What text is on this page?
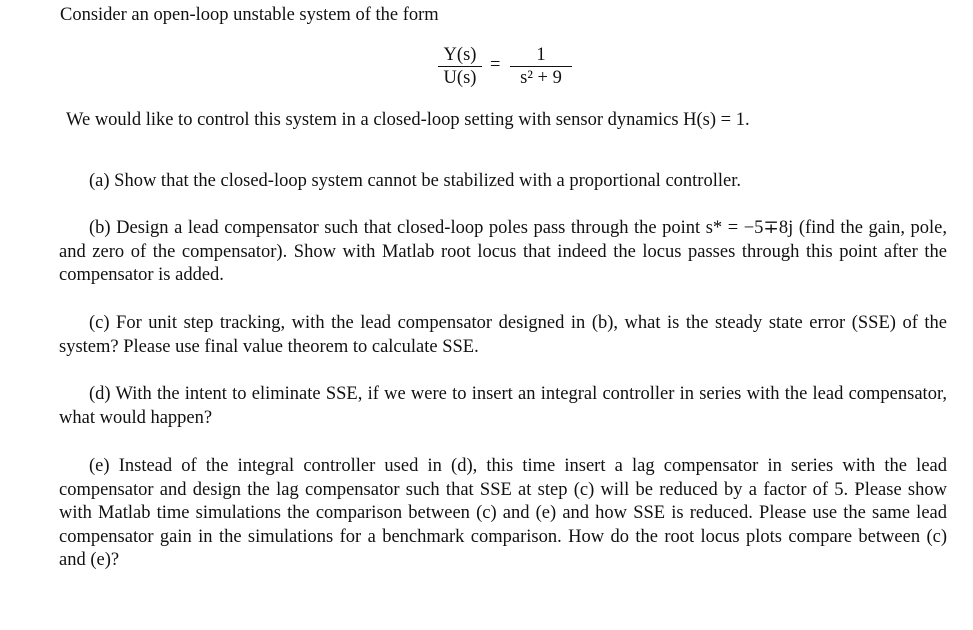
Consider an open-loop unstable system of the form
Y(s)
U(s)
=	1
s² + 9
We would like to control this system in a closed-loop setting with sensor dynamics H(s) = 1.
(a) Show that the closed-loop system cannot be stabilized with a proportional controller.
(b) Design a lead compensator such that closed-loop poles pass through the point s* = −5∓8j (find the gain, pole, and zero of the compensator). Show with Matlab root locus that indeed the locus passes through this point after the compensator is added.
(c) For unit step tracking, with the lead compensator designed in (b), what is the steady state error (SSE) of the system? Please use final value theorem to calculate SSE.
(d) With the intent to eliminate SSE, if we were to insert an integral controller in series with the lead compensator, what would happen?
(e) Instead of the integral controller used in (d), this time insert a lag compensator in series with the lead compensator and design the lag compensator such that SSE at step (c) will be reduced by a factor of 5. Please show with Matlab time simulations the comparison between (c) and (e) and how SSE is reduced. Please use the same lead compensator gain in the simulations for a benchmark comparison. How do the root locus plots compare between (c) and (e)?
